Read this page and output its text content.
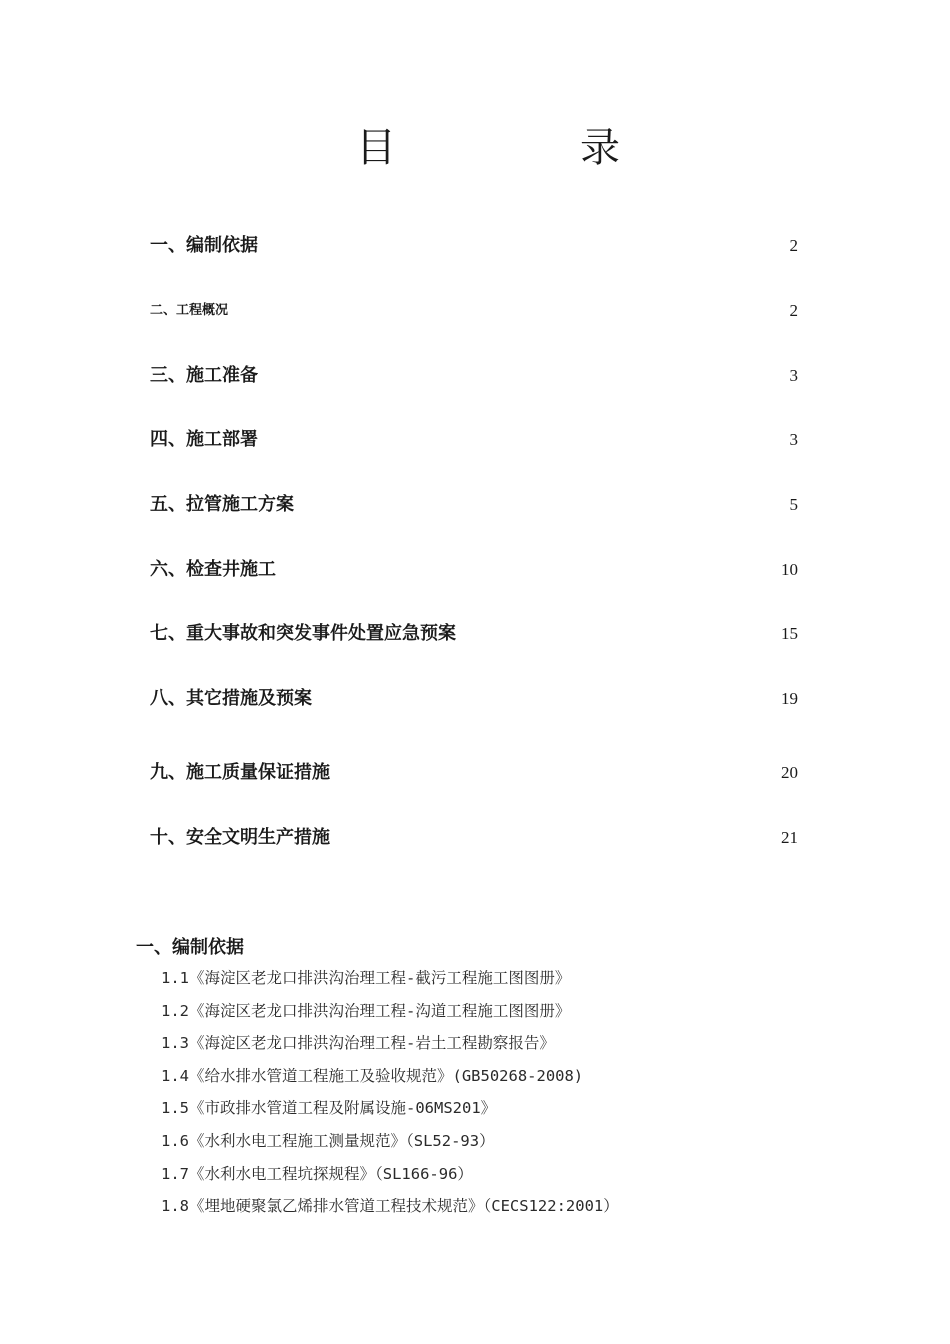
目	录
一、编制依据	2
二、工程概况	2
三、施工准备	3
四、施工部署	3
五、拉管施工方案	5
六、检查井施工	10
七、重大事故和突发事件处置应急预案	15
八、其它措施及预案	19
九、施工质量保证措施	20
十、安全文明生产措施	21
一、编制依据
1.1《海淀区老龙口排洪沟治理工程-截污工程施工图图册》
1.2《海淀区老龙口排洪沟治理工程-沟道工程施工图图册》
1.3《海淀区老龙口排洪沟治理工程-岩土工程勘察报告》
1.4《给水排水管道工程施工及验收规范》(GB50268-2008)
1.5《市政排水管道工程及附属设施-06MS201》
1.6《水利水电工程施工测量规范》（SL52-93）
1.7《水利水电工程坑探规程》（SL166-96）
1.8《埋地硬聚氯乙烯排水管道工程技术规范》（CECS122:2001）
